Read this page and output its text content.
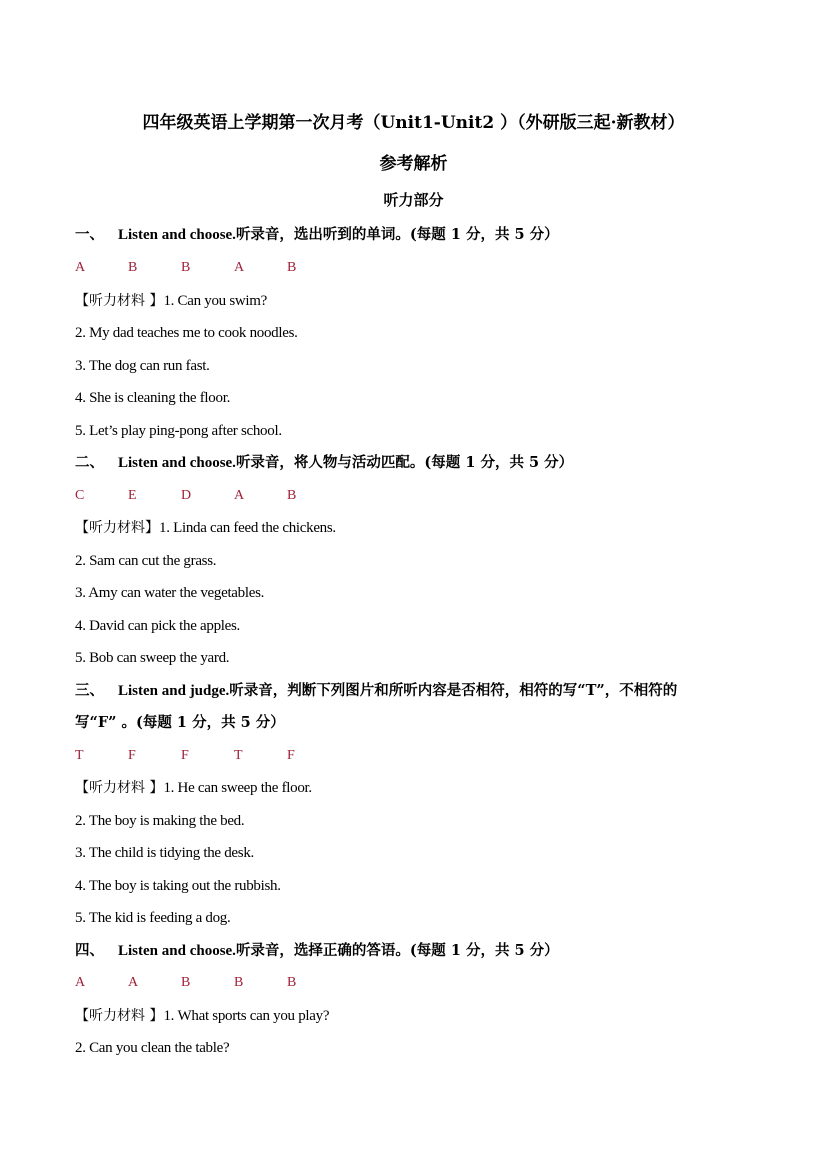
四年级英语上学期第一次月考（Unit1-Unit2 ）（外研版三起·新教材）
参考解析
听力部分
一、 Listen and choose.听录音，选出听到的单词。(每题 1 分，共 5 分）
A	B	B	A	B
【听力材料 】1. Can you swim?
2. My dad teaches me to cook noodles.
3. The dog can run fast.
4. She is cleaning the floor.
5. Let’s play ping-pong after school.
二、 Listen and choose.听录音，将人物与活动匹配。(每题 1 分，共 5 分）
C	E	D	A	B
【听力材料】1. Linda can feed the chickens.
2. Sam can cut the grass.
3. Amy can water the vegetables.
4. David can pick the apples.
5. Bob can sweep the yard.
三、 Listen and judge.听录音，判断下列图片和所听内容是否相符，相符的写“T”，不相符的
写“F” 。(每题 1 分，共 5 分）
T	F	F	T	F
【听力材料 】1. He can sweep the floor.
2. The boy is making the bed.
3. The child is tidying the desk.
4. The boy is taking out the rubbish.
5. The kid is feeding a dog.
四、 Listen and choose.听录音，选择正确的答语。(每题 1 分，共 5 分）
A	A	B	B	B
【听力材料 】1. What sports can you play?
2. Can you clean the table?
